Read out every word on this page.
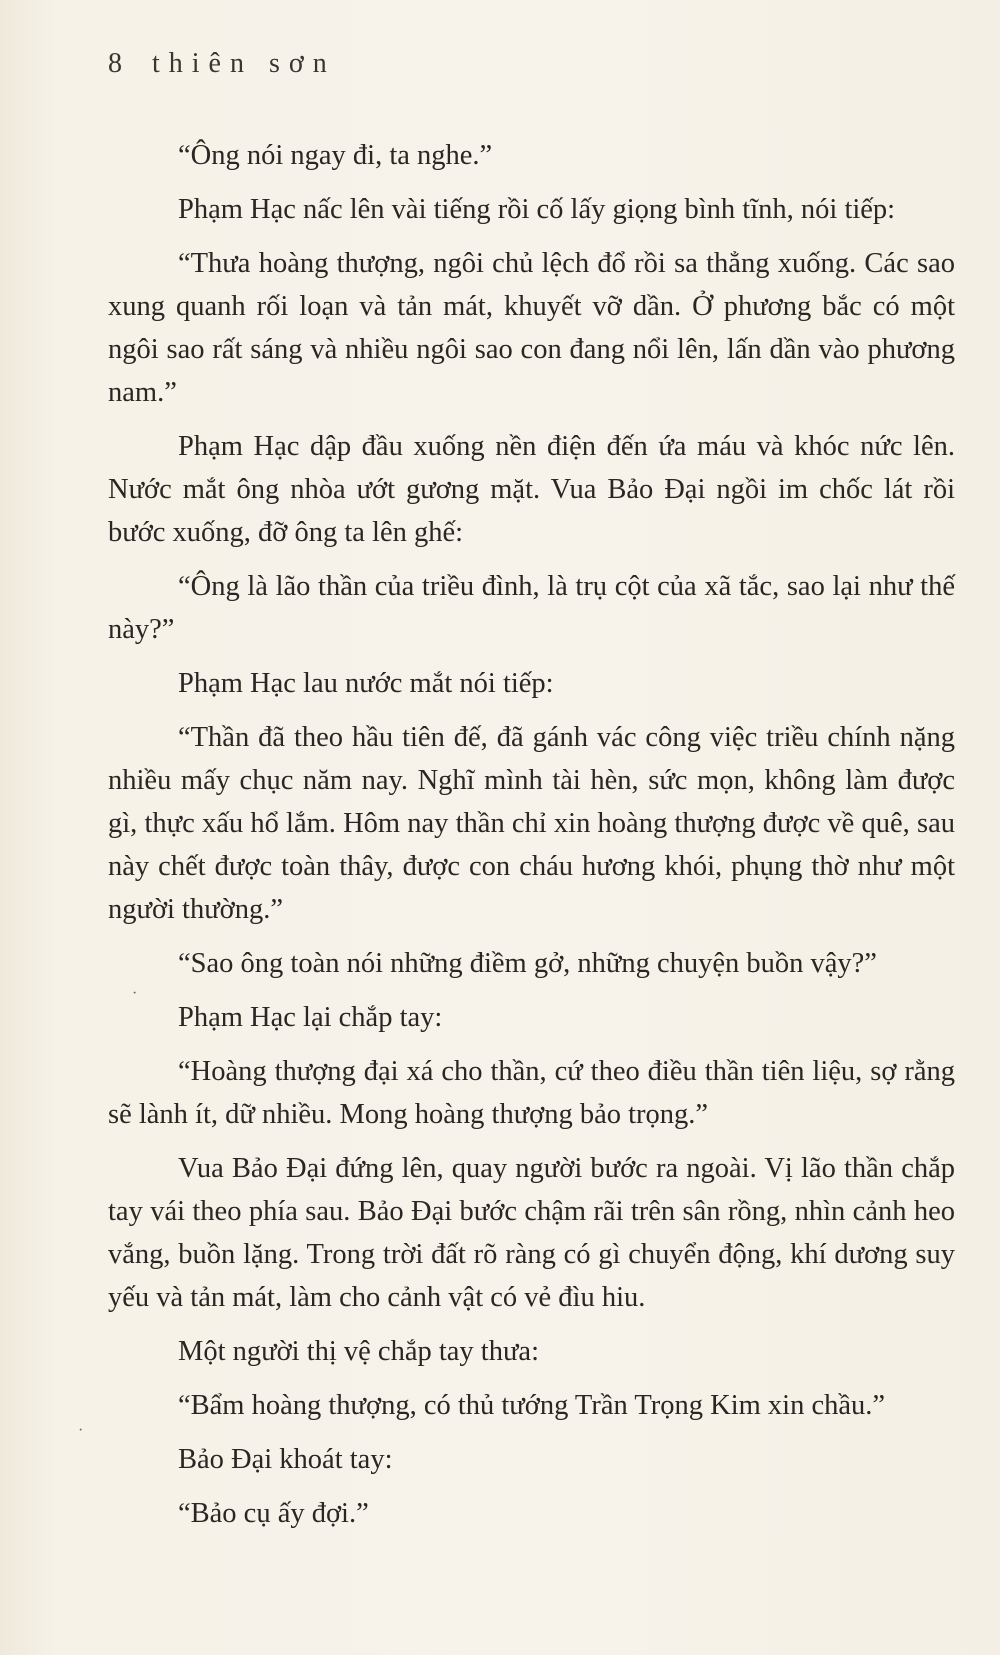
8 thiên sơn

“Ông nói ngay đi, ta nghe.”

Phạm Hạc nấc lên vài tiếng rồi cố lấy giọng bình tĩnh, nói tiếp:

“Thưa hoàng thượng, ngôi chủ lệch đổ rồi sa thẳng xuống. Các sao xung quanh rối loạn và tản mát, khuyết vỡ dần. Ở phương bắc có một ngôi sao rất sáng và nhiều ngôi sao con đang nổi lên, lấn dần vào phương nam.”

Phạm Hạc dập đầu xuống nền điện đến ứa máu và khóc nức lên. Nước mắt ông nhòa ướt gương mặt. Vua Bảo Đại ngồi im chốc lát rồi bước xuống, đỡ ông ta lên ghế:

“Ông là lão thần của triều đình, là trụ cột của xã tắc, sao lại như thế này?”

Phạm Hạc lau nước mắt nói tiếp:

“Thần đã theo hầu tiên đế, đã gánh vác công việc triều chính nặng nhiều mấy chục năm nay. Nghĩ mình tài hèn, sức mọn, không làm được gì, thực xấu hổ lắm. Hôm nay thần chỉ xin hoàng thượng được về quê, sau này chết được toàn thây, được con cháu hương khói, phụng thờ như một người thường.”

“Sao ông toàn nói những điềm gở, những chuyện buồn vậy?”

Phạm Hạc lại chắp tay:

“Hoàng thượng đại xá cho thần, cứ theo điều thần tiên liệu, sợ rằng sẽ lành ít, dữ nhiều. Mong hoàng thượng bảo trọng.”

Vua Bảo Đại đứng lên, quay người bước ra ngoài. Vị lão thần chắp tay vái theo phía sau. Bảo Đại bước chậm rãi trên sân rồng, nhìn cảnh heo vắng, buồn lặng. Trong trời đất rõ ràng có gì chuyển động, khí dương suy yếu và tản mát, làm cho cảnh vật có vẻ đìu hiu.

Một người thị vệ chắp tay thưa:

“Bẩm hoàng thượng, có thủ tướng Trần Trọng Kim xin chầu.”

Bảo Đại khoát tay:

“Bảo cụ ấy đợi.”

·
·
